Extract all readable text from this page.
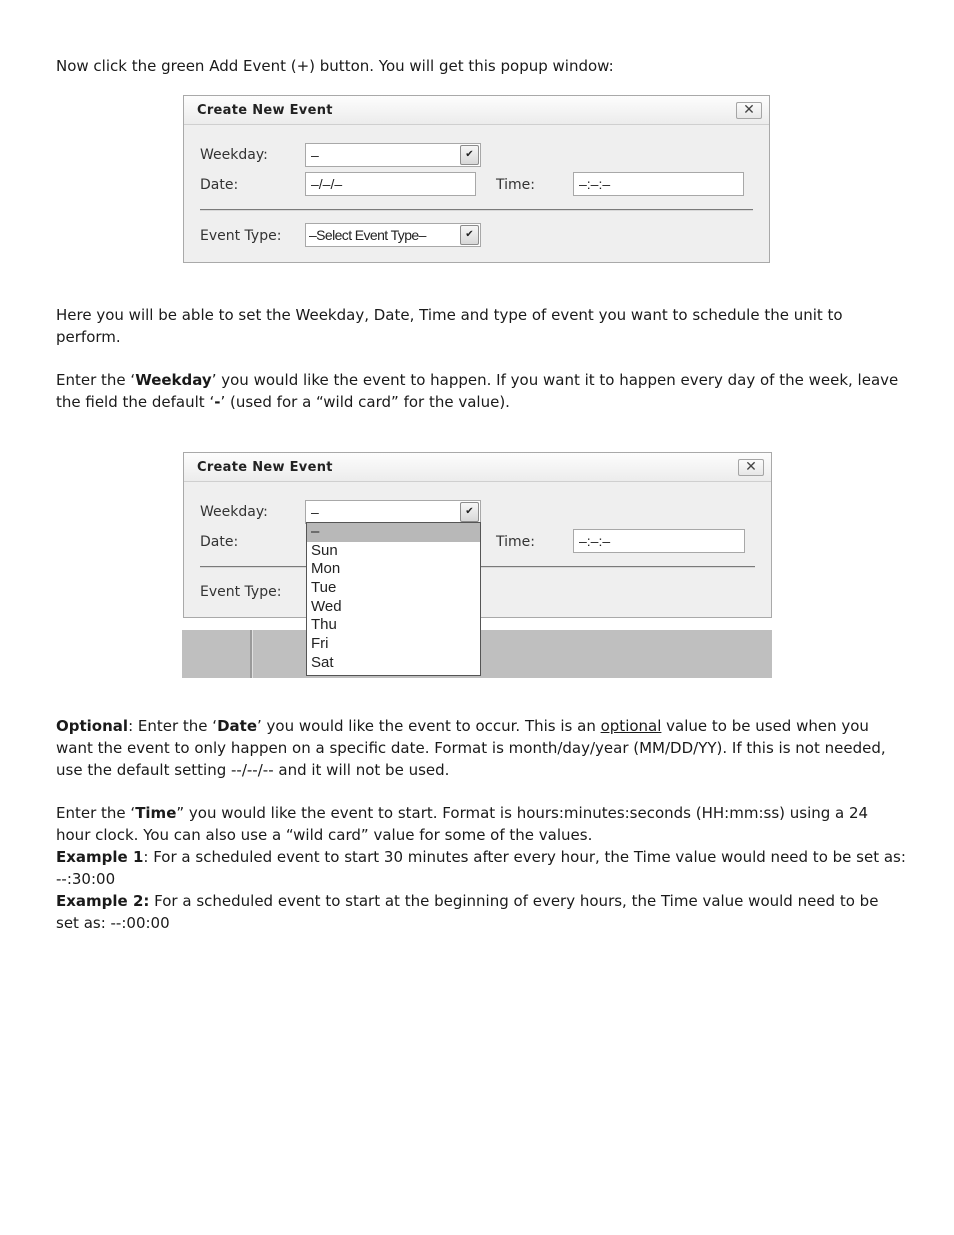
Now click the green Add Event (+) button. You will get this popup window:

Create New Event	✕
Weekday:	–	✔
Date:	–/–/–	Time:	–:–:–
Event Type: –Select Event Type–	✔

Here you will be able to set the Weekday, Date, Time and type of event you want to schedule the unit to perform.

Enter the ‘Weekday’ you would like the event to happen. If you want it to happen every day of the week, leave the field the default ‘-’ (used for a “wild card” for the value).

Create New Event	✕
Weekday:	–	✔
Date:	Time:	–:–:–
Event Type:
–
Sun
Mon
Tue
Wed
Thu
Fri
Sat

Optional: Enter the ‘Date’ you would like the event to occur. This is an optional value to be used when you want the event to only happen on a specific date. Format is month/day/year (MM/DD/YY). If this is not needed, use the default setting --/--/-- and it will not be used.

Enter the ‘Time” you would like the event to start. Format is hours:minutes:seconds (HH:mm:ss) using a 24 hour clock. You can also use a “wild card” value for some of the values.
Example 1: For a scheduled event to start 30 minutes after every hour, the Time value would need to be set as: --:30:00
Example 2: For a scheduled event to start at the beginning of every hours, the Time value would need to be set as: --:00:00
